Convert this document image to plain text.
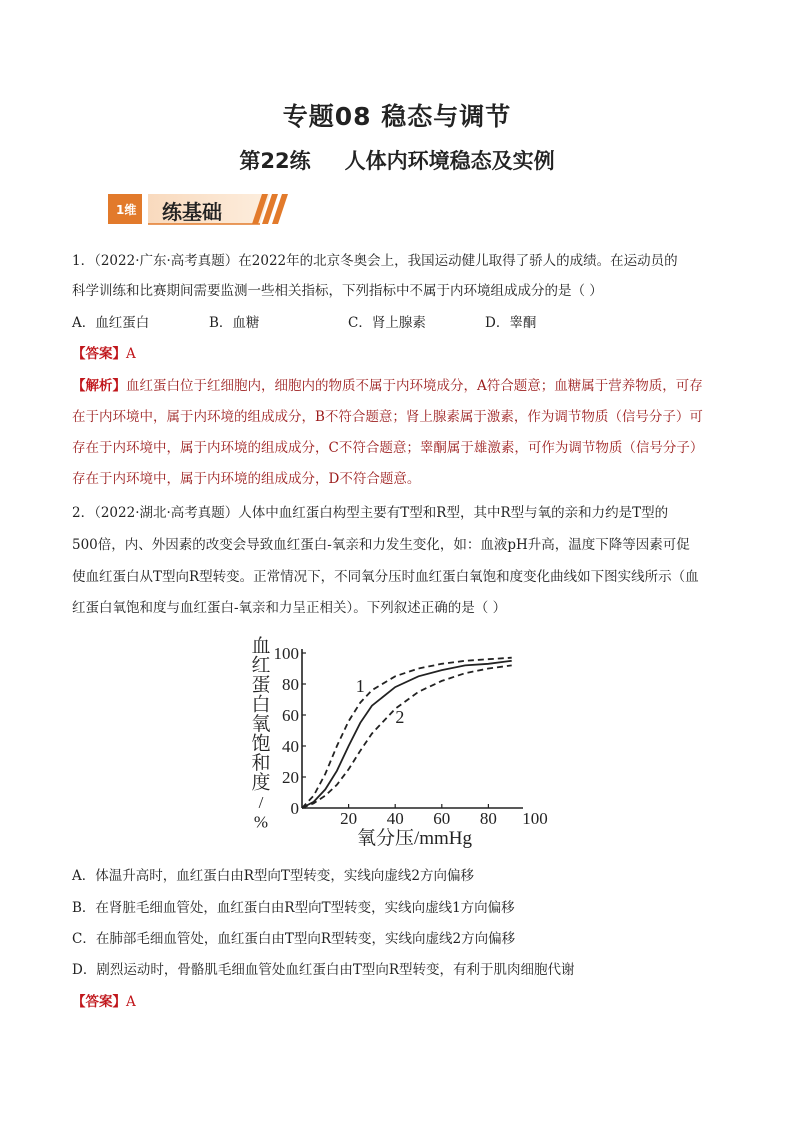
专题08 稳态与调节
第22练 人体内环境稳态及实例
1维 练基础
1．（2022·广东·高考真题）在2022年的北京冬奥会上，我国运动健儿取得了骄人的成绩。在运动员的
科学训练和比赛期间需要监测一些相关指标，下列指标中不属于内环境组成成分的是（ ）
A．血红蛋白	B．血糖	C．肾上腺素	D．睾酮
【答案】A
【解析】血红蛋白位于红细胞内，细胞内的物质不属于内环境成分，A符合题意；血糖属于营养物质，可存
在于内环境中，属于内环境的组成成分，B不符合题意；肾上腺素属于激素，作为调节物质（信号分子）可
存在于内环境中，属于内环境的组成成分，C不符合题意；睾酮属于雄激素，可作为调节物质（信号分子）
存在于内环境中，属于内环境的组成成分，D不符合题意。
2．（2022·湖北·高考真题）人体中血红蛋白构型主要有T型和R型，其中R型与氧的亲和力约是T型的
500倍，内、外因素的改变会导致血红蛋白-氧亲和力发生变化，如：血液pH升高，温度下降等因素可促
使血红蛋白从T型向R型转变。正常情况下，不同氧分压时血红蛋白氧饱和度变化曲线如下图实线所示（血
红蛋白氧饱和度与血红蛋白-氧亲和力呈正相关）。下列叙述正确的是（ ）
0
20
40
60
80
100
20 40 60 80 100
氧分压/mmHg
血
红
蛋
白
氧
饱
和
度
/
%
1
2
A．体温升高时，血红蛋白由R型向T型转变，实线向虚线2方向偏移
B．在肾脏毛细血管处，血红蛋白由R型向T型转变，实线向虚线1方向偏移
C．在肺部毛细血管处，血红蛋白由T型向R型转变，实线向虚线2方向偏移
D．剧烈运动时，骨骼肌毛细血管处血红蛋白由T型向R型转变，有利于肌肉细胞代谢
【答案】A
